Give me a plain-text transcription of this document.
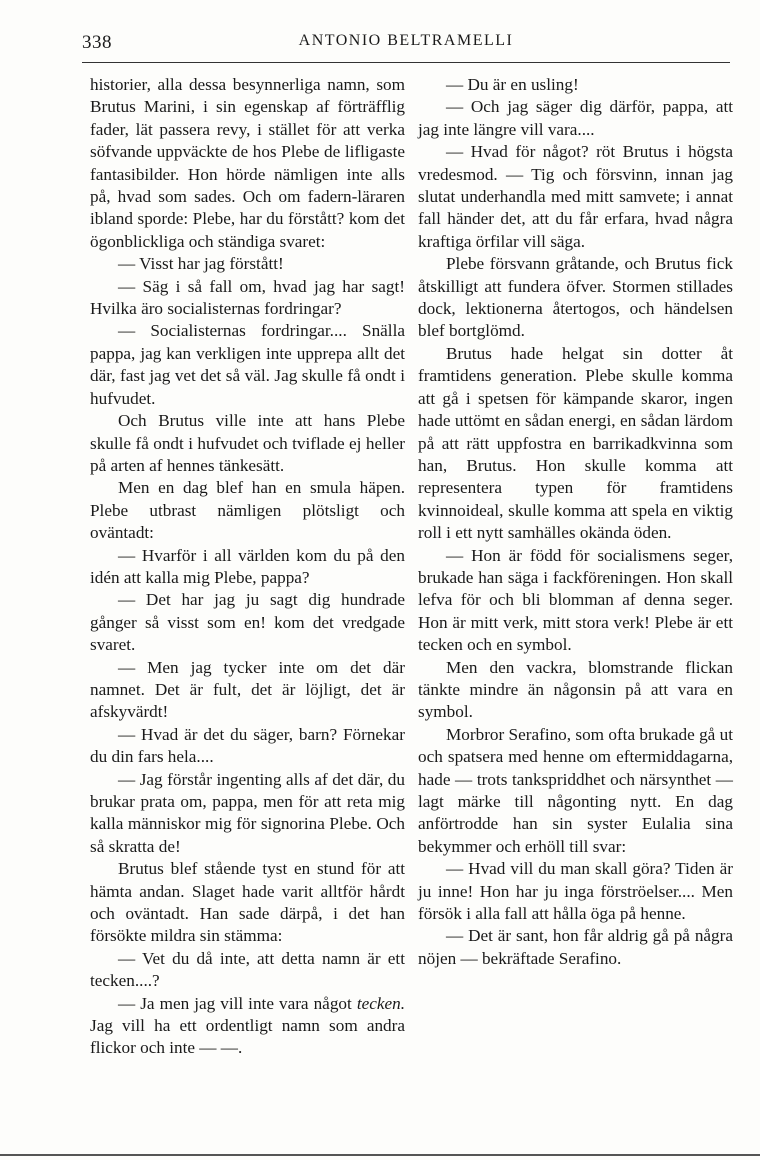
338	ANTONIO BELTRAMELLI

historier, alla dessa besynnerliga namn, som Brutus Marini, i sin egenskap af förträfflig fader, lät passera revy, i stället för att verka söfvande uppväckte de hos Plebe de lifligaste fantasibilder. Hon hörde nämligen inte alls på, hvad som sades. Och om fadern-läraren ibland sporde: Plebe, har du förstått? kom det ögonblickliga och ständiga svaret:

— Visst har jag förstått!

— Säg i så fall om, hvad jag har sagt! Hvilka äro socialisternas fordringar?

— Socialisternas fordringar.... Snälla pappa, jag kan verkligen inte upprepa allt det där, fast jag vet det så väl. Jag skulle få ondt i hufvudet.

Och Brutus ville inte att hans Plebe skulle få ondt i hufvudet och tviflade ej heller på arten af hennes tänkesätt.

Men en dag blef han en smula häpen. Plebe utbrast nämligen plötsligt och oväntadt:

— Hvarför i all världen kom du på den idén att kalla mig Plebe, pappa?

— Det har jag ju sagt dig hundrade gånger så visst som en! kom det vredgade svaret.

— Men jag tycker inte om det där namnet. Det är fult, det är löjligt, det är afskyvärdt!

— Hvad är det du säger, barn? Förnekar du din fars hela....

— Jag förstår ingenting alls af det där, du brukar prata om, pappa, men för att reta mig kalla människor mig för signorina Plebe. Och så skratta de!

Brutus blef stående tyst en stund för att hämta andan. Slaget hade varit alltför hårdt och oväntadt. Han sade därpå, i det han försökte mildra sin stämma:

— Vet du då inte, att detta namn är ett tecken....?

— Ja men jag vill inte vara något tecken. Jag vill ha ett ordentligt namn som andra flickor och inte — —.

— Du är en usling!

— Och jag säger dig därför, pappa, att jag inte längre vill vara....

— Hvad för något? röt Brutus i högsta vredesmod. — Tig och försvinn, innan jag slutat underhandla med mitt samvete; i annat fall händer det, att du får erfara, hvad några kraftiga örfilar vill säga.

Plebe försvann gråtande, och Brutus fick åtskilligt att fundera öfver. Stormen stillades dock, lektionerna återtogos, och händelsen blef bortglömd.

Brutus hade helgat sin dotter åt framtidens generation. Plebe skulle komma att gå i spetsen för kämpande skaror, ingen hade uttömt en sådan energi, en sådan lärdom på att rätt uppfostra en barrikadkvinna som han, Brutus. Hon skulle komma att representera typen för framtidens kvinnoideal, skulle komma att spela en viktig roll i ett nytt samhälles okända öden.

— Hon är född för socialismens seger, brukade han säga i fackföreningen. Hon skall lefva för och bli blomman af denna seger. Hon är mitt verk, mitt stora verk! Plebe är ett tecken och en symbol.

Men den vackra, blomstrande flickan tänkte mindre än någonsin på att vara en symbol.

Morbror Serafino, som ofta brukade gå ut och spatsera med henne om eftermiddagarna, hade — trots tankspriddhet och närsynthet — lagt märke till någonting nytt. En dag anförtrodde han sin syster Eulalia sina bekymmer och erhöll till svar:

— Hvad vill du man skall göra? Tiden är ju inne! Hon har ju inga förströelser.... Men försök i alla fall att hålla öga på henne.

— Det är sant, hon får aldrig gå på några nöjen — bekräftade Serafino.
